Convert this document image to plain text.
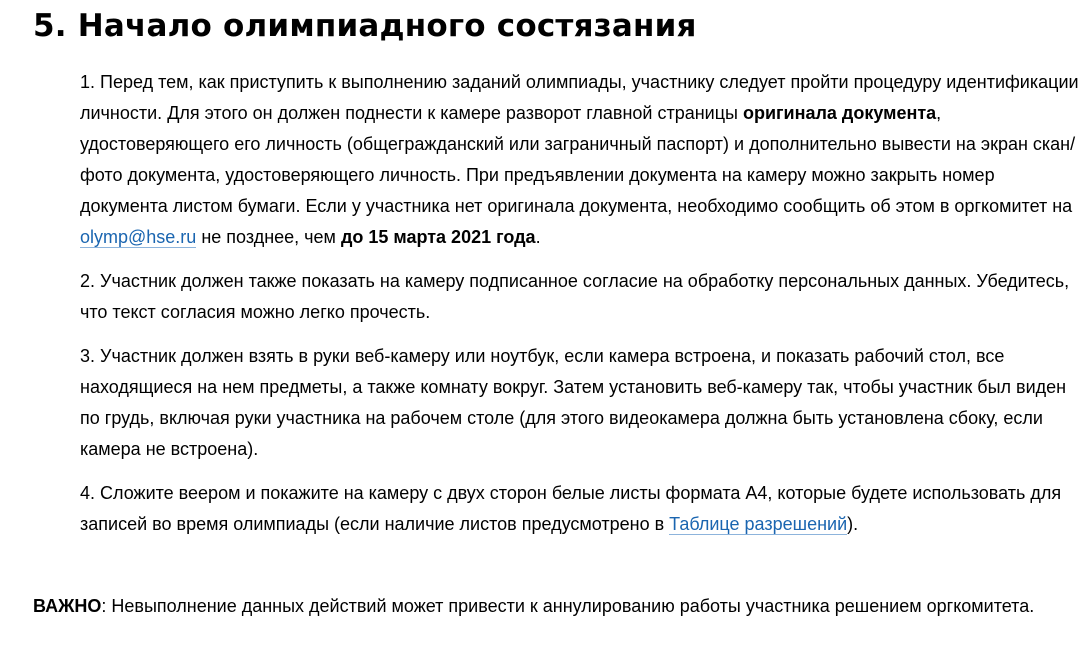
5. Начало олимпиадного состязания

1. Перед тем, как приступить к выполнению заданий олимпиады, участнику следует пройти процедуру идентификации личности. Для этого он должен поднести к камере разворот главной страницы оригинала документа, удостоверяющего его личность (общегражданский или заграничный паспорт) и дополнительно вывести на экран скан/фото документа, удостоверяющего личность. При предъявлении документа на камеру можно закрыть номер документа листом бумаги. Если у участника нет оригинала документа, необходимо сообщить об этом в оргкомитет на olymp@hse.ru не позднее, чем до 15 марта 2021 года.

2. Участник должен также показать на камеру подписанное согласие на обработку персональных данных. Убедитесь, что текст согласия можно легко прочесть.

3. Участник должен взять в руки веб-камеру или ноутбук, если камера встроена, и показать рабочий стол, все находящиеся на нем предметы, а также комнату вокруг. Затем установить веб-камеру так, чтобы участник был виден по грудь, включая руки участника на рабочем столе (для этого видеокамера должна быть установлена сбоку, если камера не встроена).

4. Сложите веером и покажите на камеру с двух сторон белые листы формата А4, которые будете использовать для записей во время олимпиады (если наличие листов предусмотрено в Таблице разрешений).

ВАЖНО: Невыполнение данных действий может привести к аннулированию работы участника решением оргкомитета.
